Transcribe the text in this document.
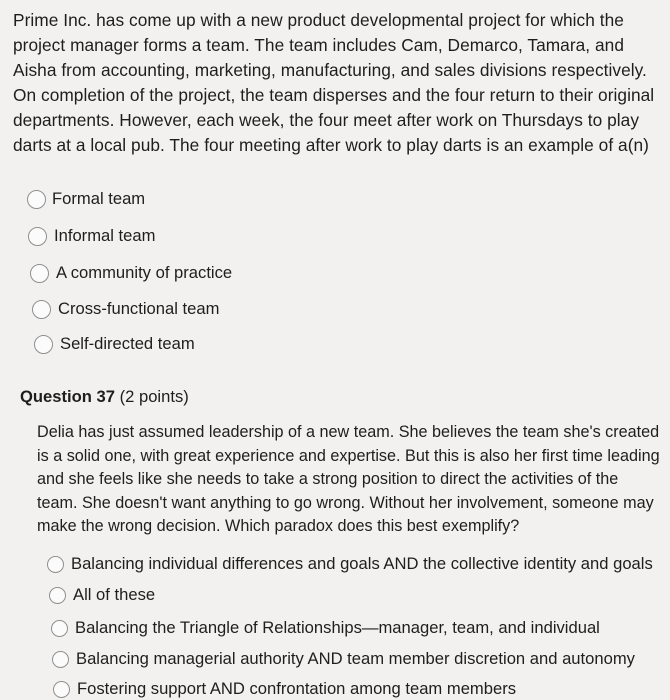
Prime Inc. has come up with a new product developmental project for which the project manager forms a team. The team includes Cam, Demarco, Tamara, and Aisha from accounting, marketing, manufacturing, and sales divisions respectively. On completion of the project, the team disperses and the four return to their original departments. However, each week, the four meet after work on Thursdays to play darts at a local pub. The four meeting after work to play darts is an example of a(n)
Formal team
Informal team
A community of practice
Cross-functional team
Self-directed team
Question 37 (2 points)
Delia has just assumed leadership of a new team. She believes the team she's created is a solid one, with great experience and expertise. But this is also her first time leading and she feels like she needs to take a strong position to direct the activities of the team. She doesn't want anything to go wrong. Without her involvement, someone may make the wrong decision. Which paradox does this best exemplify?
Balancing individual differences and goals AND the collective identity and goals
All of these
Balancing the Triangle of Relationships—manager, team, and individual
Balancing managerial authority AND team member discretion and autonomy
Fostering support AND confrontation among team members
